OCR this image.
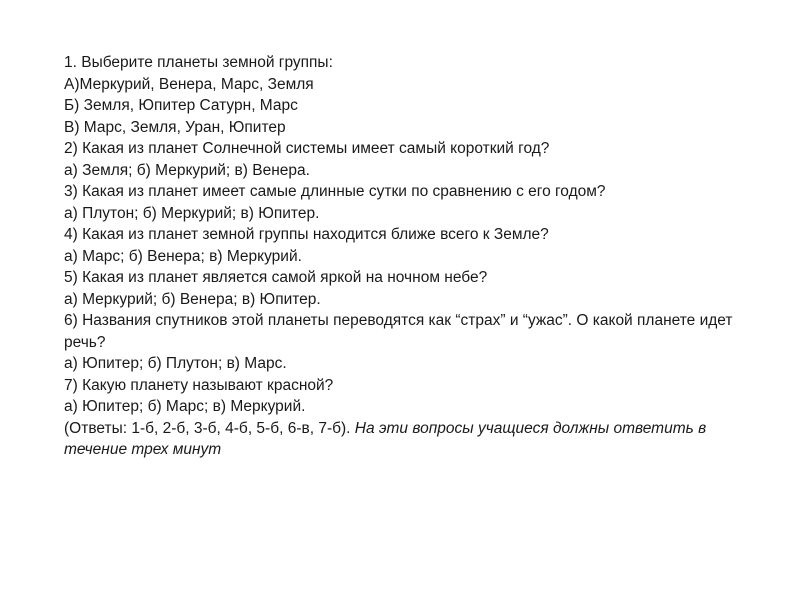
1. Выберите планеты земной группы:
А)Меркурий, Венера, Марс, Земля
Б) Земля, Юпитер Сатурн, Марс
В) Марс, Земля, Уран, Юпитер
2) Какая из планет Солнечной системы имеет самый короткий год?
а) Земля; б) Меркурий; в) Венера.
3) Какая из планет имеет самые длинные сутки по сравнению с его годом?
а) Плутон; б) Меркурий; в) Юпитер.
4) Какая из планет земной группы находится ближе всего к Земле?
а) Марс; б) Венера; в) Меркурий.
5) Какая из планет является самой яркой на ночном небе?
а) Меркурий; б) Венера; в) Юпитер.
6) Названия спутников этой планеты переводятся как “страх” и “ужас”. О какой планете идет речь?
а) Юпитер; б) Плутон; в) Марс.
7) Какую планету называют красной?
а) Юпитер; б) Марс; в) Меркурий.
(Ответы: 1-б, 2-б, 3-б, 4-б, 5-б, 6-в, 7-б). На эти вопросы учащиеся должны ответить в течение трех минут
